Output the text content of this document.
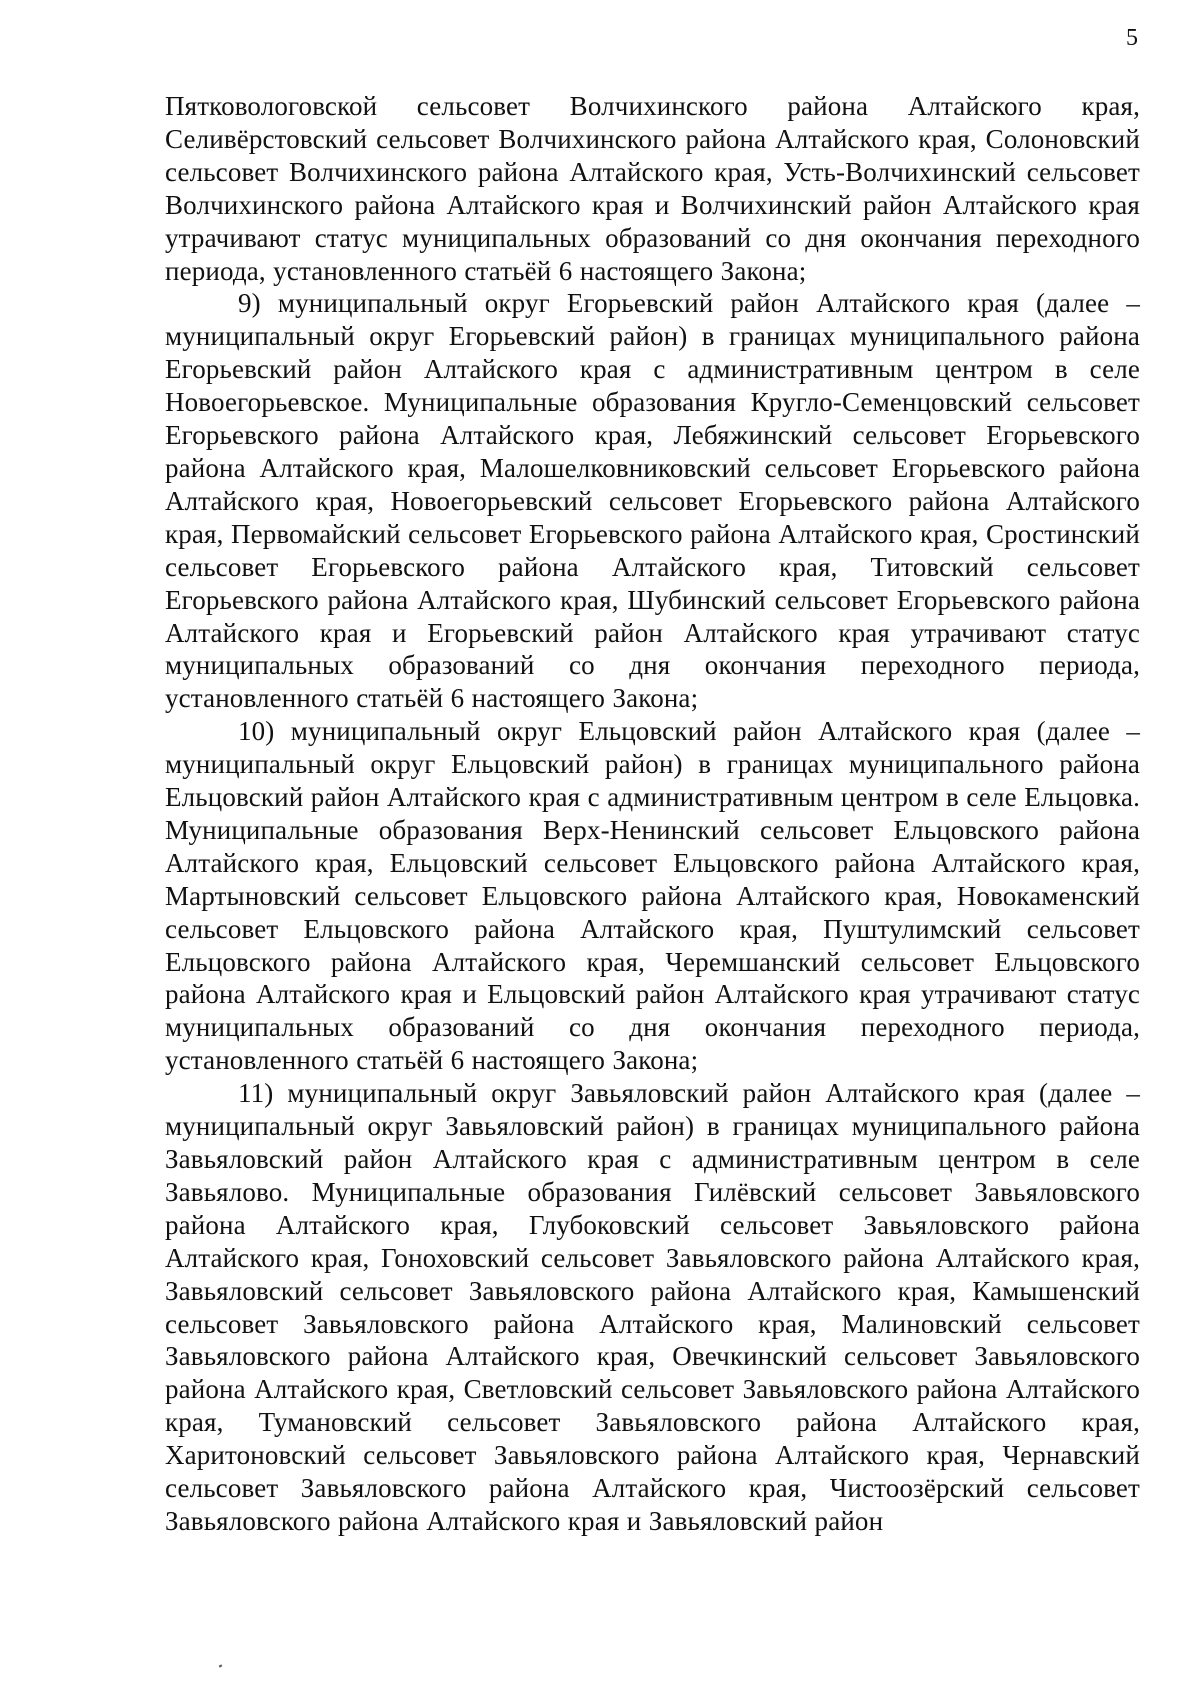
5

Пятковологовской сельсовет Волчихинского района Алтайского края, Селивёрстовский сельсовет Волчихинского района Алтайского края, Солоновский сельсовет Волчихинского района Алтайского края, Усть-Волчихинский сельсовет Волчихинского района Алтайского края и Волчихинский район Алтайского края утрачивают статус муниципальных образований со дня окончания переходного периода, установленного статьёй 6 настоящего Закона;

9) муниципальный округ Егорьевский район Алтайского края (далее – муниципальный округ Егорьевский район) в границах муниципального района Егорьевский район Алтайского края с административным центром в селе Новоегорьевское. Муниципальные образования Кругло-Семенцовский сельсовет Егорьевского района Алтайского края, Лебяжинский сельсовет Егорьевского района Алтайского края, Малошелковниковский сельсовет Егорьевского района Алтайского края, Новоегорьевский сельсовет Егорьевского района Алтайского края, Первомайский сельсовет Егорьевского района Алтайского края, Сростинский сельсовет Егорьевского района Алтайского края, Титовский сельсовет Егорьевского района Алтайского края, Шубинский сельсовет Егорьевского района Алтайского края и Егорьевский район Алтайского края утрачивают статус муниципальных образований со дня окончания переходного периода, установленного статьёй 6 настоящего Закона;

10) муниципальный округ Ельцовский район Алтайского края (далее – муниципальный округ Ельцовский район) в границах муниципального района Ельцовский район Алтайского края с административным центром в селе Ельцовка. Муниципальные образования Верх-Ненинский сельсовет Ельцовского района Алтайского края, Ельцовский сельсовет Ельцовского района Алтайского края, Мартыновский сельсовет Ельцовского района Алтайского края, Новокаменский сельсовет Ельцовского района Алтайского края, Пуштулимский сельсовет Ельцовского района Алтайского края, Черемшанский сельсовет Ельцовского района Алтайского края и Ельцовский район Алтайского края утрачивают статус муниципальных образований со дня окончания переходного периода, установленного статьёй 6 настоящего Закона;

11) муниципальный округ Завьяловский район Алтайского края (далее – муниципальный округ Завьяловский район) в границах муниципального района Завьяловский район Алтайского края с административным центром в селе Завьялово. Муниципальные образования Гилёвский сельсовет Завьяловского района Алтайского края, Глубоковский сельсовет Завьяловского района Алтайского края, Гоноховский сельсовет Завьяловского района Алтайского края, Завьяловский сельсовет Завьяловского района Алтайского края, Камышенский сельсовет Завьяловского района Алтайского края, Малиновский сельсовет Завьяловского района Алтайского края, Овечкинский сельсовет Завьяловского района Алтайского края, Светловский сельсовет Завьяловского района Алтайского края, Тумановский сельсовет Завьяловского района Алтайского края, Харитоновский сельсовет Завьяловского района Алтайского края, Чернавский сельсовет Завьяловского района Алтайского края, Чистоозёрский сельсовет Завьяловского района Алтайского края и Завьяловский район
